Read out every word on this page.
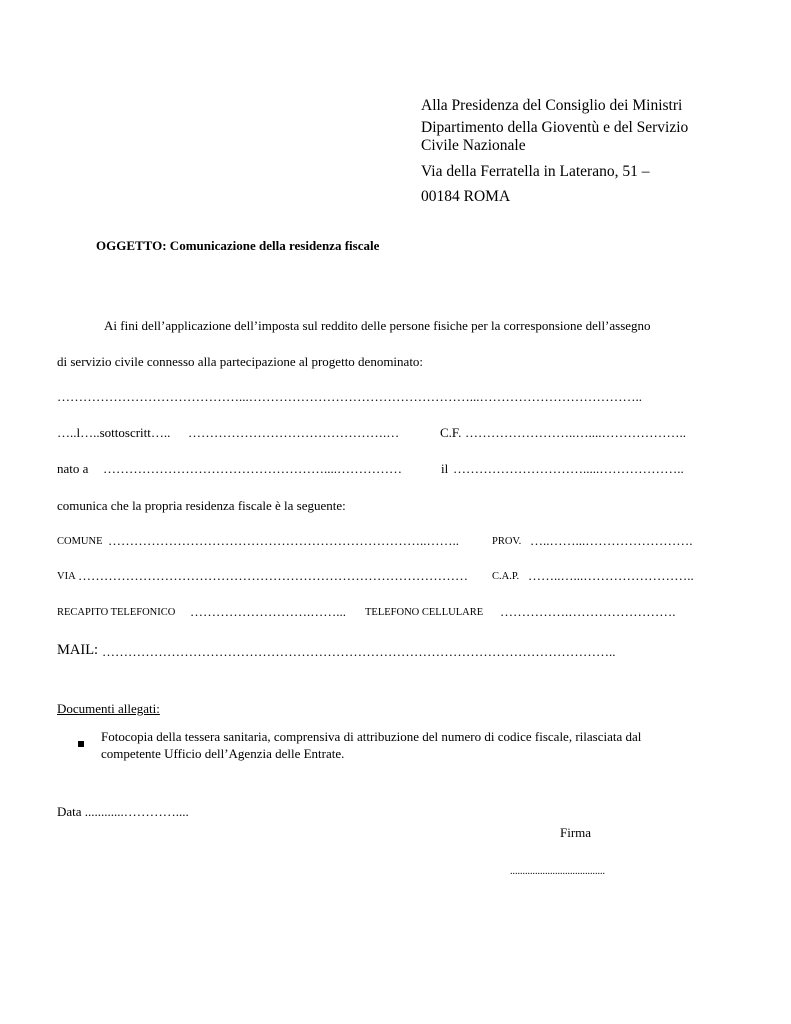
Alla Presidenza del Consiglio dei Ministri
Dipartimento della Gioventù e del Servizio
Civile Nazionale
Via della Ferratella in Laterano, 51 –
00184 ROMA
OGGETTO: Comunicazione della residenza fiscale
Ai fini dell’applicazione dell’imposta sul reddito delle persone fisiche per la corresponsione dell’assegno
di servizio civile connesso alla partecipazione al progetto denominato:
……………………………………...……………………………………………...………………………………..
…..l…..sottoscritt….. ……………………………………….…	C.F. ……………………..…....………………..
nato a ……………………………………………....……………	il ………………………….....………………..
comunica che la propria residenza fiscale è la seguente:
COMUNE ………………………………………………………………..……..	PROV. …..……...…………………….
VIA ……………………………………………………………………………… C.A.P. ……..…...……………………..
RECAPITO TELEFONICO ……………………….……... TELEFONO CELLULARE …………….…………………….
MAIL: ………………………………………………………………………………………………………..
Documenti allegati:
Fotocopia della tessera sanitaria, comprensiva di attribuzione del numero di codice fiscale, rilasciata dal
competente Ufficio dell’Agenzia delle Entrate.
Data ............…………....
Firma
......................................
